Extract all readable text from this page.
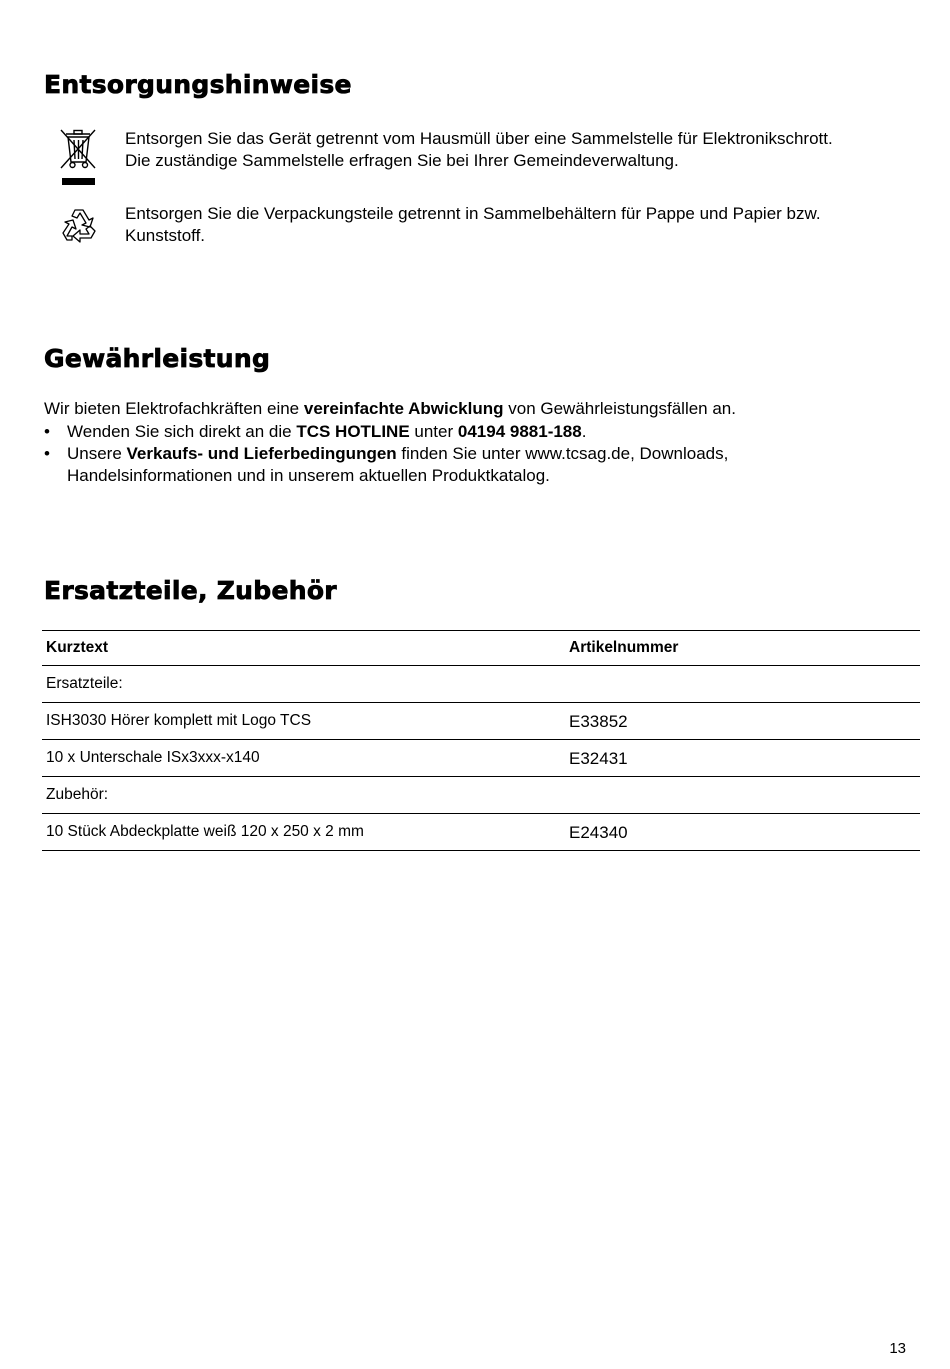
Entsorgungshinweise

Entsorgen Sie das Gerät getrennt vom Hausmüll über eine Sammelstelle für Elektronikschrott.

Die zuständige Sammelstelle erfragen Sie bei Ihrer Gemeindeverwaltung.

Entsorgen Sie die Verpackungsteile getrennt in Sammelbehältern für Pappe und Papier bzw.

Kunststoff.

Gewährleistung

Wir bieten Elektrofachkräften eine vereinfachte Abwicklung von Gewährleistungsfällen an.

• Wenden Sie sich direkt an die TCS HOTLINE unter 04194 9881-188.
• Unsere Verkaufs- und Lieferbedingungen finden Sie unter www.tcsag.de, Downloads,
Handelsinformationen und in unserem aktuellen Produktkatalog.
Ersatzteile, Zubehör
Kurztext	Artikelnummer
Ersatzteile:	
ISH3030 Hörer komplett mit Logo TCS	E33852
10 x Unterschale ISx3xxx-x140	E32431
Zubehör:	
10 Stück Abdeckplatte weiß 120 x 250 x 2 mm	E24340
13
